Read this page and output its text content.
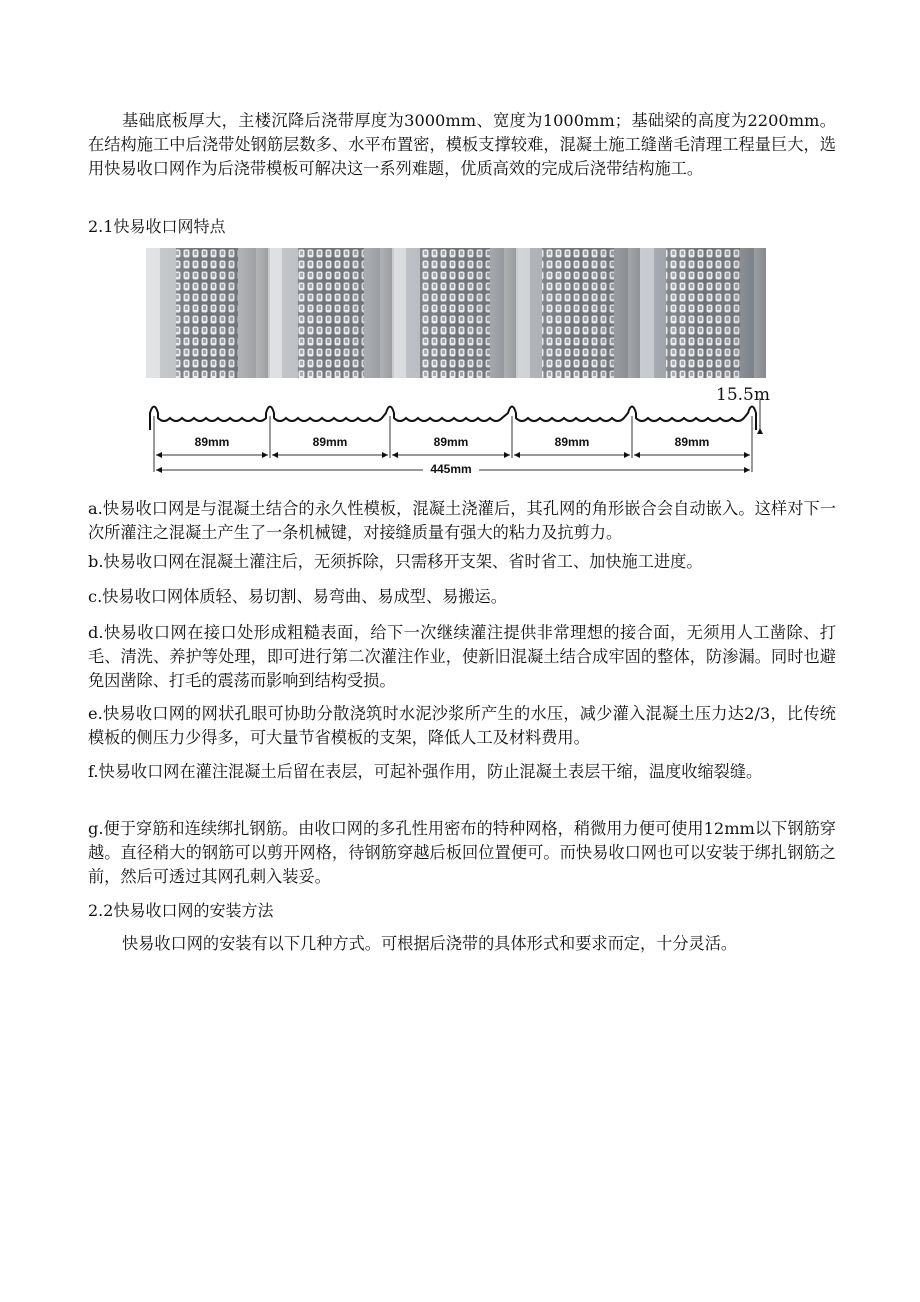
基础底板厚大，主楼沉降后浇带厚度为3000mm、宽度为1000mm；基础梁的高度为2200mm。在结构施工中后浇带处钢筋层数多、水平布置密，模板支撑较难，混凝土施工缝凿毛清理工程量巨大，选用快易收口网作为后浇带模板可解决这一系列难题，优质高效的完成后浇带结构施工。

2.1快易收口网特点

89mm	89mm	89mm	89mm	89mm
445mm
15.5m

a.快易收口网是与混凝土结合的永久性模板，混凝土浇灌后，其孔网的角形嵌合会自动嵌入。这样对下一次所灌注之混凝土产生了一条机械键，对接缝质量有强大的粘力及抗剪力。

b.快易收口网在混凝土灌注后，无须拆除，只需移开支架、省时省工、加快施工进度。

c.快易收口网体质轻、易切割、易弯曲、易成型、易搬运。

d.快易收口网在接口处形成粗糙表面，给下一次继续灌注提供非常理想的接合面，无须用人工凿除、打毛、清洗、养护等处理，即可进行第二次灌注作业，使新旧混凝土结合成牢固的整体，防渗漏。同时也避免因凿除、打毛的震荡而影响到结构受损。

e.快易收口网的网状孔眼可协助分散浇筑时水泥沙浆所产生的水压，减少灌入混凝土压力达2/3，比传统模板的侧压力少得多，可大量节省模板的支架，降低人工及材料费用。

f.快易收口网在灌注混凝土后留在表层，可起补强作用，防止混凝土表层干缩，温度收缩裂缝。

g.便于穿筋和连续绑扎钢筋。由收口网的多孔性用密布的特种网格，稍微用力便可使用12mm以下钢筋穿越。直径稍大的钢筋可以剪开网格，待钢筋穿越后板回位置便可。而快易收口网也可以安装于绑扎钢筋之前，然后可透过其网孔刺入装妥。

2.2快易收口网的安装方法

快易收口网的安装有以下几种方式。可根据后浇带的具体形式和要求而定，十分灵活。
